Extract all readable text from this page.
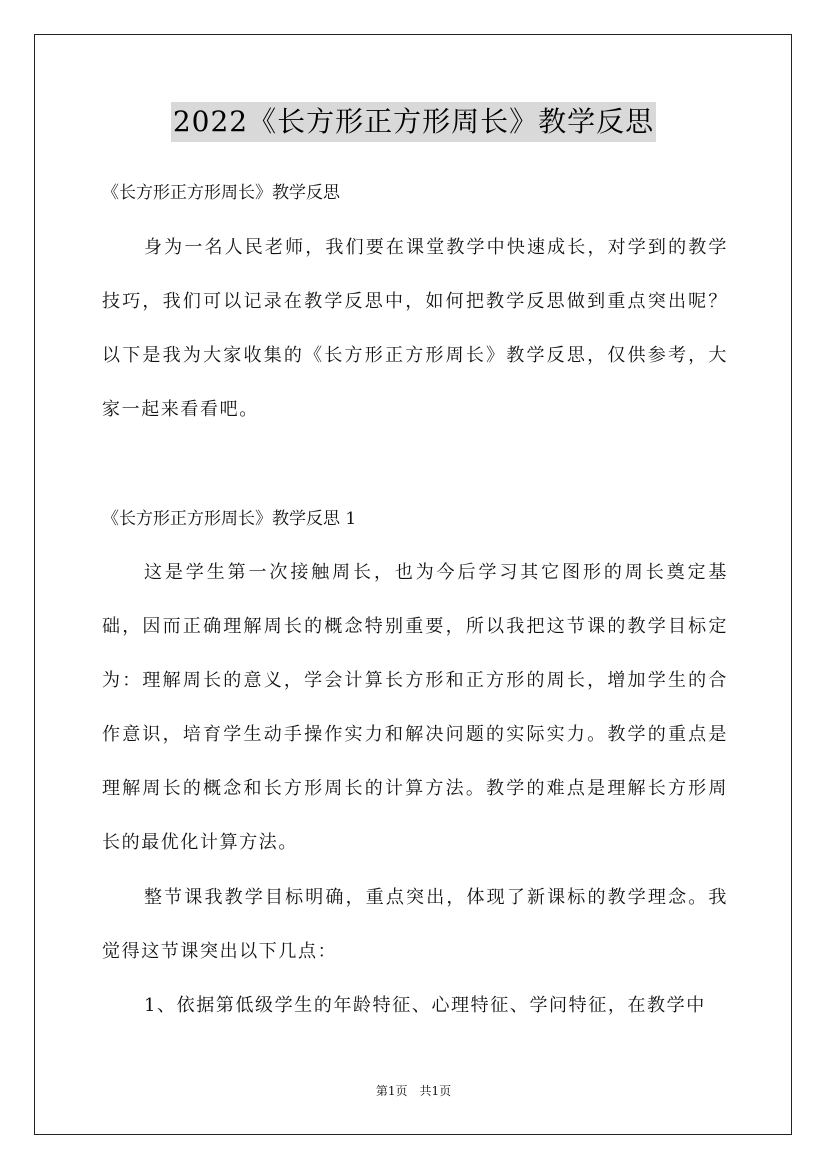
2022《长方形正方形周长》教学反思
《长方形正方形周长》教学反思
身为一名人民老师，我们要在课堂教学中快速成长，对学到的教学技巧，我们可以记录在教学反思中，如何把教学反思做到重点突出呢？以下是我为大家收集的《长方形正方形周长》教学反思，仅供参考，大家一起来看看吧。
《长方形正方形周长》教学反思 1
这是学生第一次接触周长，也为今后学习其它图形的周长奠定基础，因而正确理解周长的概念特别重要，所以我把这节课的教学目标定为：理解周长的意义，学会计算长方形和正方形的周长，增加学生的合作意识，培育学生动手操作实力和解决问题的实际实力。教学的重点是理解周长的概念和长方形周长的计算方法。教学的难点是理解长方形周长的最优化计算方法。
整节课我教学目标明确，重点突出，体现了新课标的教学理念。我觉得这节课突出以下几点：
1、依据第低级学生的年龄特征、心理特征、学问特征，在教学中
第1页　共1页
